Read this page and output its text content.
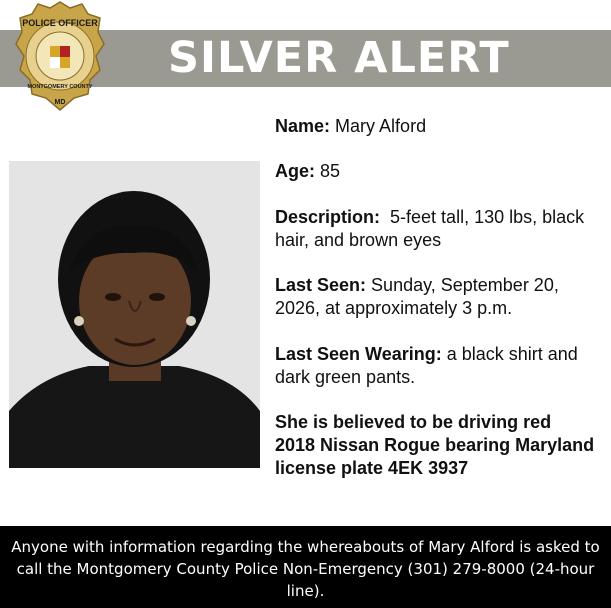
SILVER ALERT
POLICE OFFICER
MONTGOMERY COUNTY
MD

Name: Mary Alford

Age: 85

Description: 5-feet tall, 130 lbs, black hair, and brown eyes

Last Seen: Sunday, September 20, 2026, at approximately 3 p.m.

Last Seen Wearing: a black shirt and dark green pants.

She is believed to be driving red 2018 Nissan Rogue bearing Maryland license plate 4EK 3937

Anyone with information regarding the whereabouts of Mary Alford is asked to call the Montgomery County Police Non-Emergency (301) 279-8000 (24-hour line).
